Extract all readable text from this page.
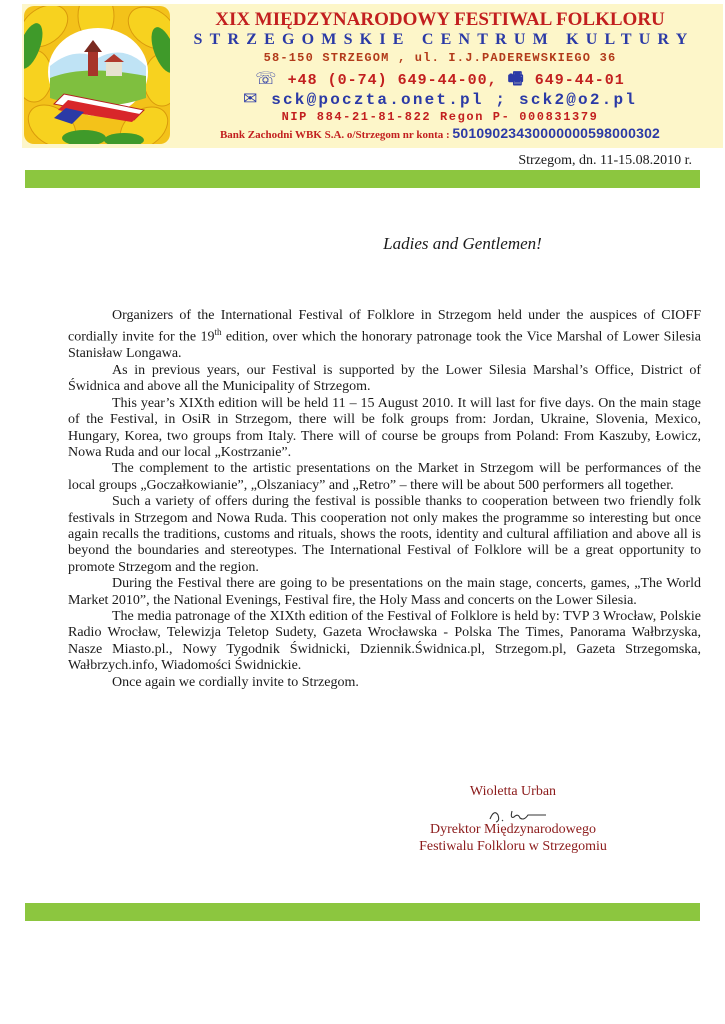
XIX MIĘDZYNARODOWY FESTIWAL FOLKLORU
STRZEGOMSKIE CENTRUM KULTURY
58-150 STRZEGOM , ul. I.J.PADEREWSKIEGO 36
☏ +48 (0-74) 649-44-00, 🖷 649-44-01
✉ sck@poczta.onet.pl ; sck2@o2.pl
NIP 884-21-81-822 Regon P- 000831379
Bank Zachodni WBK S.A. o/Strzegom nr konta : 50109023430000000598000302
Strzegom, dn. 11-15.08.2010 r.
Ladies and Gentlemen!

Organizers of the International Festival of Folklore in Strzegom held under the auspices of CIOFF cordially invite for the 19th edition, over which the honorary patronage took the Vice Marshal of Lower Silesia Stanisław Longawa.

As in previous years, our Festival is supported by the Lower Silesia Marshal’s Office, District of Świdnica and above all the Municipality of Strzegom.

This year’s XIXth edition will be held 11 – 15 August 2010. It will last for five days. On the main stage of the Festival, in OsiR in Strzegom, there will be folk groups from: Jordan, Ukraine, Slovenia, Mexico, Hungary, Korea, two groups from Italy. There will of course be groups from Poland: From Kaszuby, Łowicz, Nowa Ruda and our local „Kostrzanie”.

The complement to the artistic presentations on the Market in Strzegom will be performances of the local groups „Goczałkowianie”, „Olszaniacy” and „Retro” – there will be about 500 performers all together.

Such a variety of offers during the festival is possible thanks to cooperation between two friendly folk festivals in Strzegom and Nowa Ruda. This cooperation not only makes the programme so interesting but once again recalls the traditions, customs and rituals, shows the roots, identity and cultural affiliation and above all is beyond the boundaries and stereotypes. The International Festival of Folklore will be a great opportunity to promote Strzegom and the region.

During the Festival there are going to be presentations on the main stage, concerts, games, „The World Market 2010”, the National Evenings, Festival fire, the Holy Mass and concerts on the Lower Silesia.

The media patronage of the XIXth edition of the Festival of Folklore is held by: TVP 3 Wrocław, Polskie Radio Wrocław, Telewizja Teletop Sudety, Gazeta Wrocławska - Polska The Times, Panorama Wałbrzyska, Nasze Miasto.pl., Nowy Tygodnik Świdnicki, Dziennik.Świdnica.pl, Strzegom.pl, Gazeta Strzegomska, Wałbrzych.info, Wiadomości Świdnickie.

Once again we cordially invite to Strzegom.

Wioletta Urban
Dyrektor Międzynarodowego
Festiwalu Folkloru w Strzegomiu
